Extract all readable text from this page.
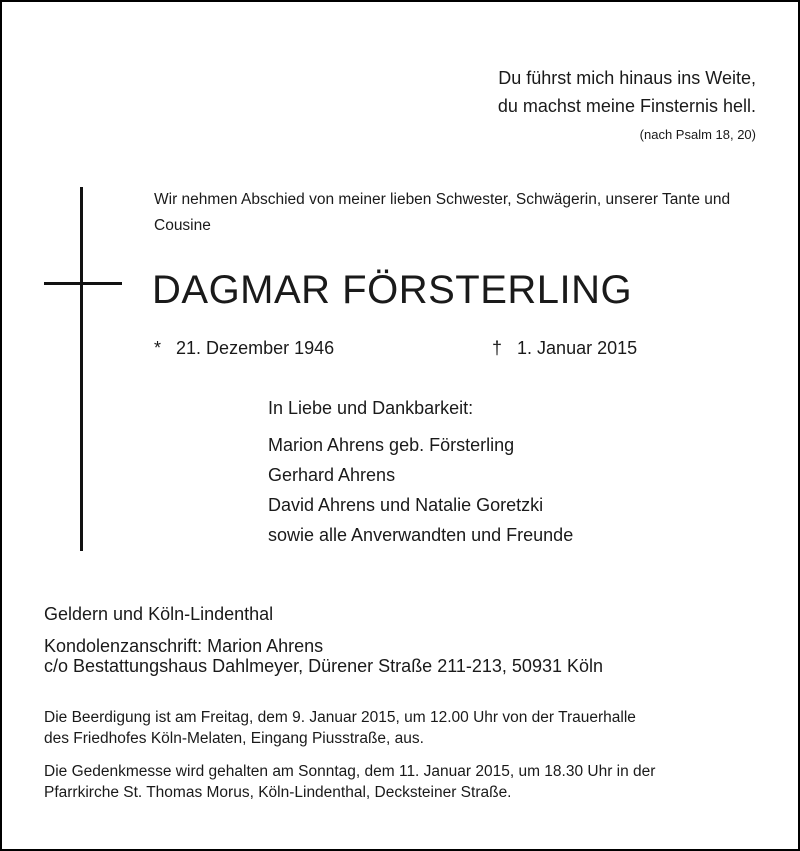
Du führst mich hinaus ins Weite,
du machst meine Finsternis hell.
(nach Psalm 18, 20)
Wir nehmen Abschied von meiner lieben Schwester, Schwägerin, unserer Tante und Cousine
DAGMAR FÖRSTERLING
* 21. Dezember 1946	† 1. Januar 2015
In Liebe und Dankbarkeit:
Marion Ahrens geb. Försterling
Gerhard Ahrens
David Ahrens und Natalie Goretzki
sowie alle Anverwandten und Freunde
Geldern und Köln-Lindenthal
Kondolenzanschrift: Marion Ahrens
c/o Bestattungshaus Dahlmeyer, Dürener Straße 211-213, 50931 Köln
Die Beerdigung ist am Freitag, dem 9. Januar 2015, um 12.00 Uhr von der Trauerhalle
des Friedhofes Köln-Melaten, Eingang Piusstraße, aus.
Die Gedenkmesse wird gehalten am Sonntag, dem 11. Januar 2015, um 18.30 Uhr in der
Pfarrkirche St. Thomas Morus, Köln-Lindenthal, Decksteiner Straße.
